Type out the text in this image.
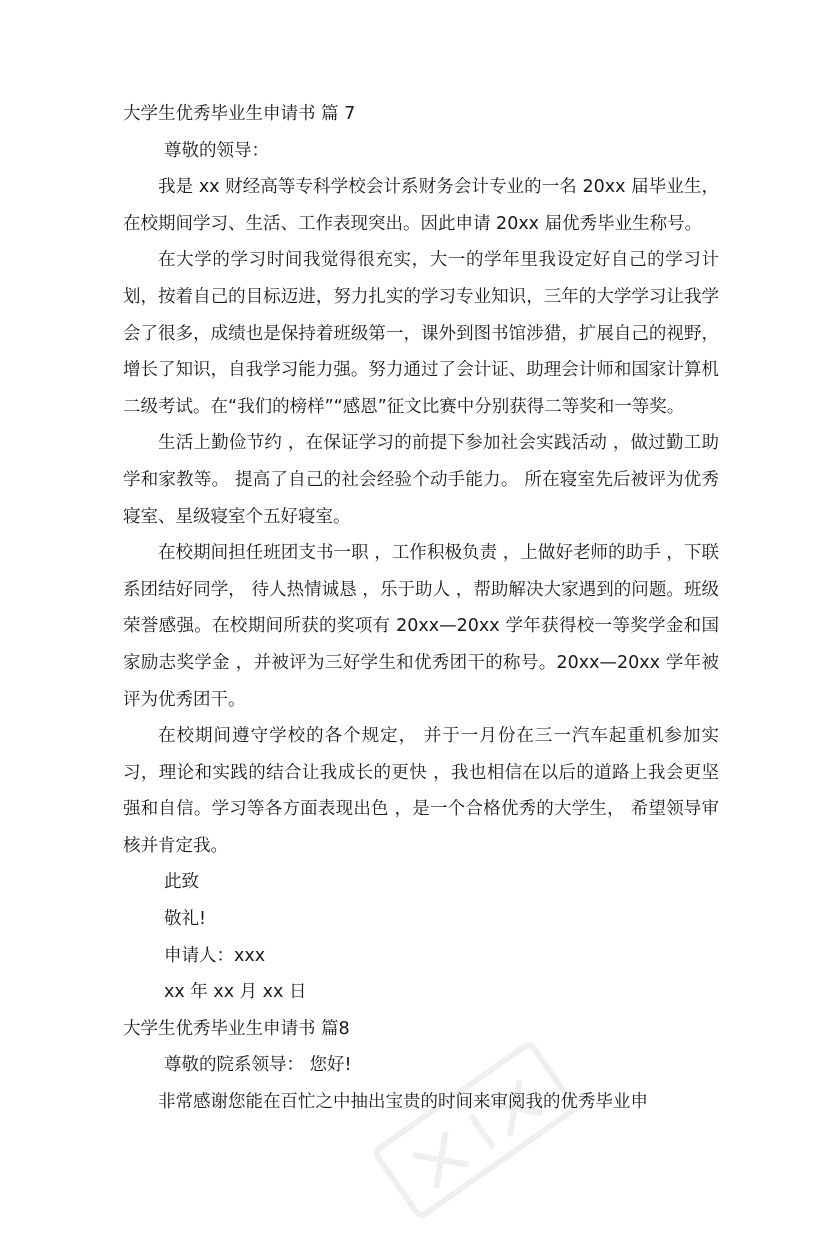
大学生优秀毕业生申请书 篇 7

尊敬的领导：

我是 xx 财经高等专科学校会计系财务会计专业的一名 20xx 届毕业生，在校期间学习、生活、工作表现突出。因此申请 20xx 届优秀毕业生称号。

在大学的学习时间我觉得很充实，大一的学年里我设定好自己的学习计划，按着自己的目标迈进，努力扎实的学习专业知识，三年的大学学习让我学会了很多，成绩也是保持着班级第一，课外到图书馆涉猎，扩展自己的视野，增长了知识，自我学习能力强。努力通过了会计证、助理会计师和国家计算机二级考试。在“我们的榜样”“感恩”征文比赛中分别获得二等奖和一等奖。

生活上勤俭节约 ，在保证学习的前提下参加社会实践活动 ，做过勤工助学和家教等。 提高了自己的社会经验个动手能力。 所在寝室先后被评为优秀寝室、星级寝室个五好寝室。

在校期间担任班团支书一职 ，工作积极负责 ，上做好老师的助手 ，下联系团结好同学， 待人热情诚恳 ，乐于助人 ，帮助解决大家遇到的问题。班级荣誉感强。在校期间所获的奖项有 20xx—20xx 学年获得校一等奖学金和国家励志奖学金 ，并被评为三好学生和优秀团干的称号。20xx—20xx 学年被评为优秀团干。

在校期间遵守学校的各个规定， 并于一月份在三一汽车起重机参加实习，理论和实践的结合让我成长的更快 ，我也相信在以后的道路上我会更坚强和自信。学习等各方面表现出色 ，是一个合格优秀的大学生， 希望领导审核并肯定我。

此致

敬礼!

申请人：xxx

xx 年 xx 月 xx 日

大学生优秀毕业生申请书 篇8

尊敬的院系领导： 您好!

非常感谢您能在百忙之中抽出宝贵的时间来审阅我的优秀毕业申
